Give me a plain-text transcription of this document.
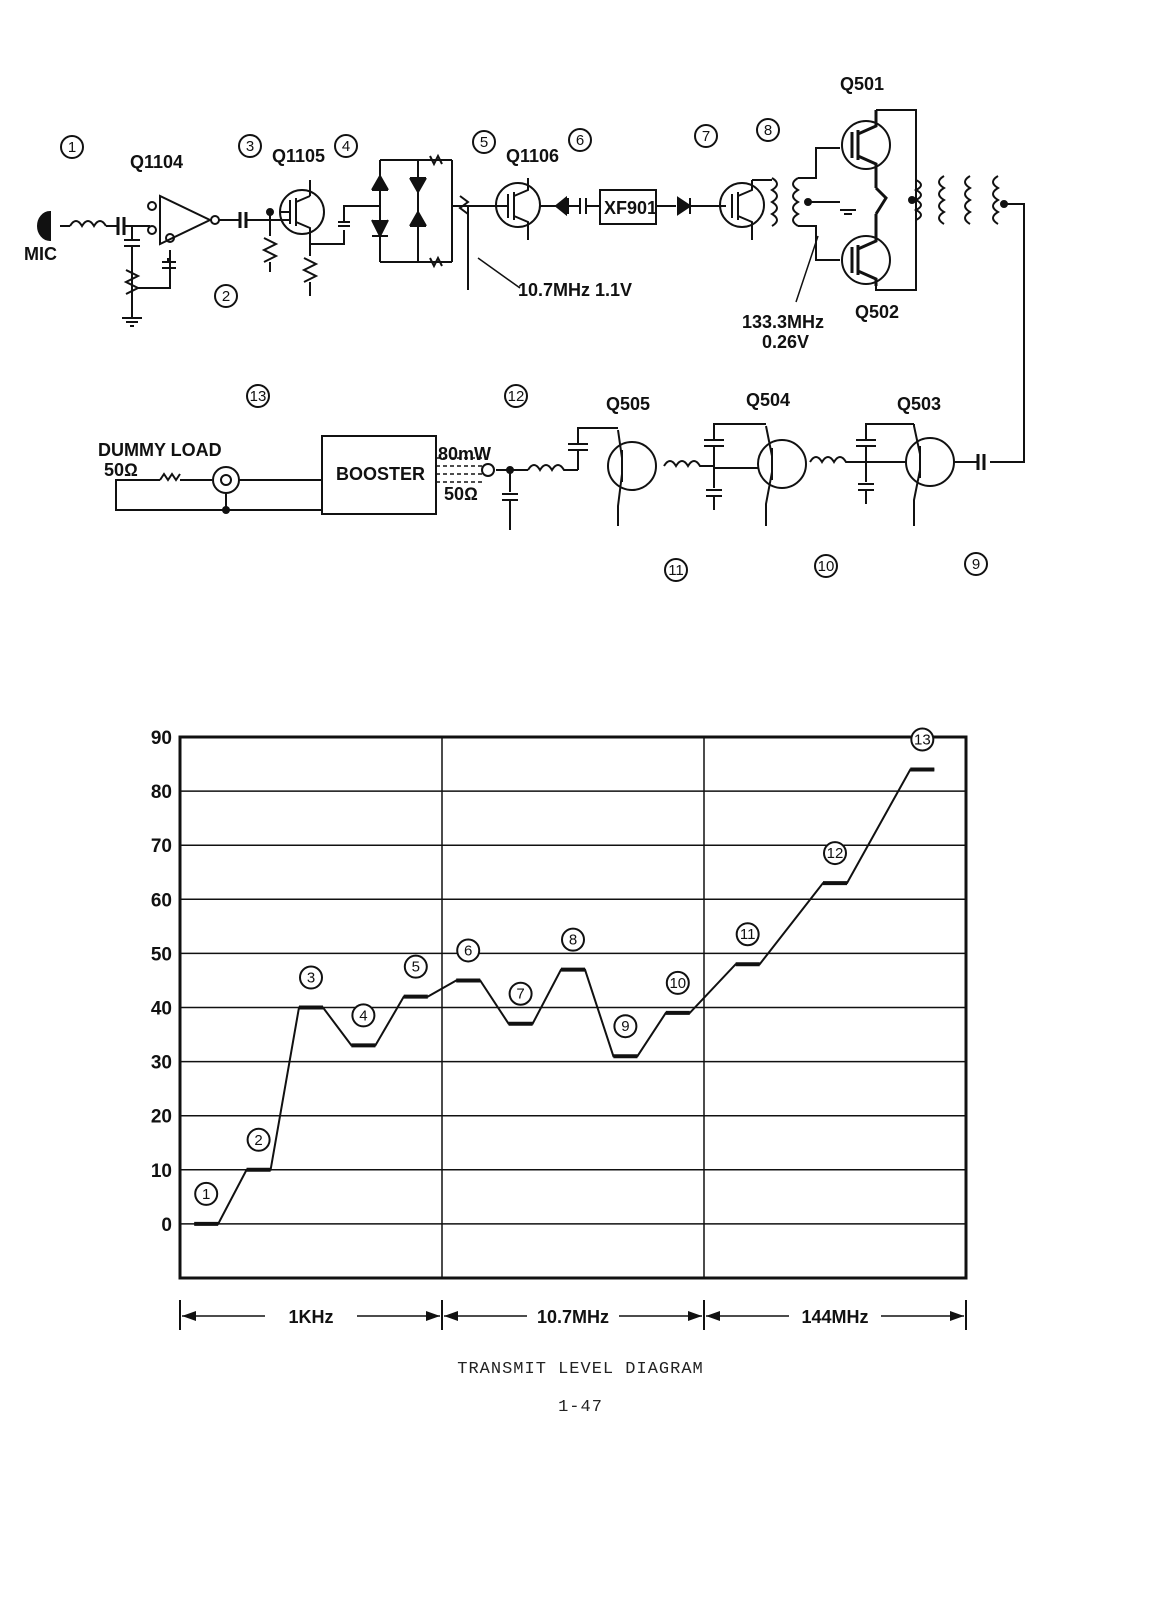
Q1104	Q1105	Q1106
XF901
Q501
Q502
Q503
Q504
Q505
MIC
10.7MHz 1.1V
133.3MHz
0.26V
DUMMY LOAD
50Ω	BOOSTER
80mW
50Ω
1
2
3	4	5	6	7	8
9
10
11
12
13
0
10
20
30
40
50
60
70
80
90
1
2
3
4
5
6
7
8
9
10
11
12
13
1KHz	10.7MHz	144MHz
TRANSMIT LEVEL DIAGRAM
1-47
